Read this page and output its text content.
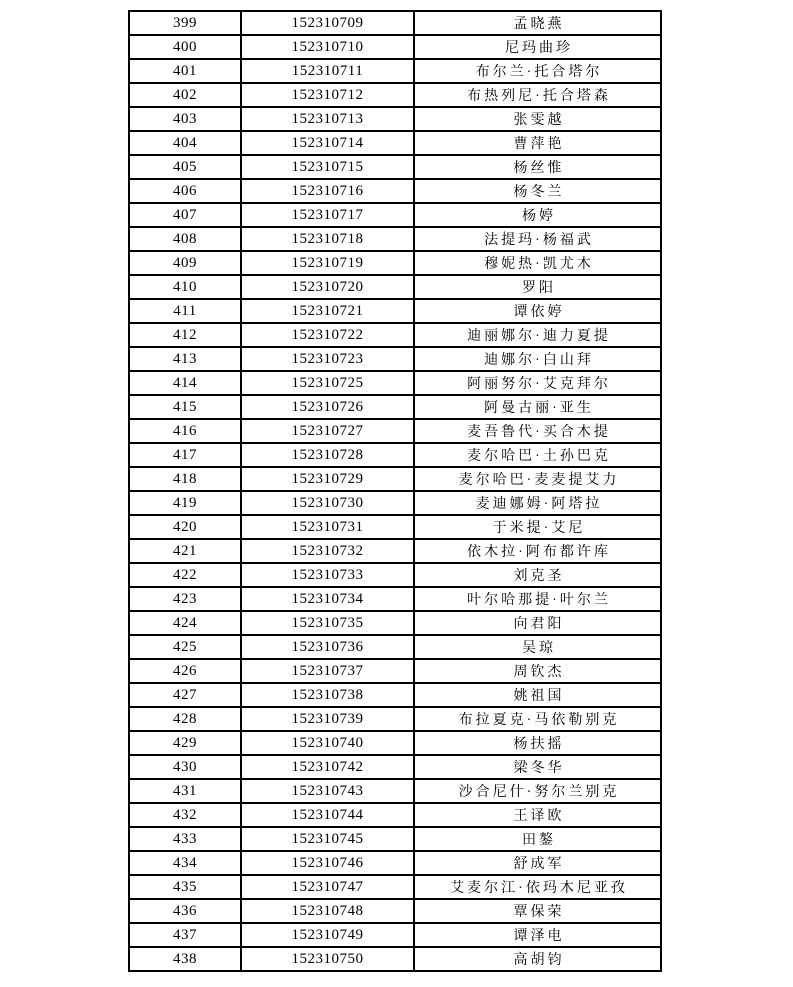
399	152310709	孟晓燕
400	152310710	尼玛曲珍
401	152310711	布尔兰·托合塔尔
402	152310712	布热列尼·托合塔森
403	152310713	张雯越
404	152310714	曹萍艳
405	152310715	杨丝惟
406	152310716	杨冬兰
407	152310717	杨婷
408	152310718	法提玛·杨福武
409	152310719	穆妮热·凯尤木
410	152310720	罗阳
411	152310721	谭依婷
412	152310722	迪丽娜尔·迪力夏提
413	152310723	迪娜尔·白山拜
414	152310725	阿丽努尔·艾克拜尔
415	152310726	阿曼古丽·亚生
416	152310727	麦吾鲁代·买合木提
417	152310728	麦尔哈巴·土孙巴克
418	152310729	麦尔哈巴·麦麦提艾力
419	152310730	麦迪娜姆·阿塔拉
420	152310731	于米提·艾尼
421	152310732	依木拉·阿布都许库
422	152310733	刘克圣
423	152310734	叶尔哈那提·叶尔兰
424	152310735	向君阳
425	152310736	吴琼
426	152310737	周钦杰
427	152310738	姚祖国
428	152310739	布拉夏克·马依勒别克
429	152310740	杨扶摇
430	152310742	梁冬华
431	152310743	沙合尼什·努尔兰别克
432	152310744	王译欧
433	152310745	田鏊
434	152310746	舒成军
435	152310747	艾麦尔江·依玛木尼亚孜
436	152310748	覃保荣
437	152310749	谭泽电
438	152310750	高胡钧
